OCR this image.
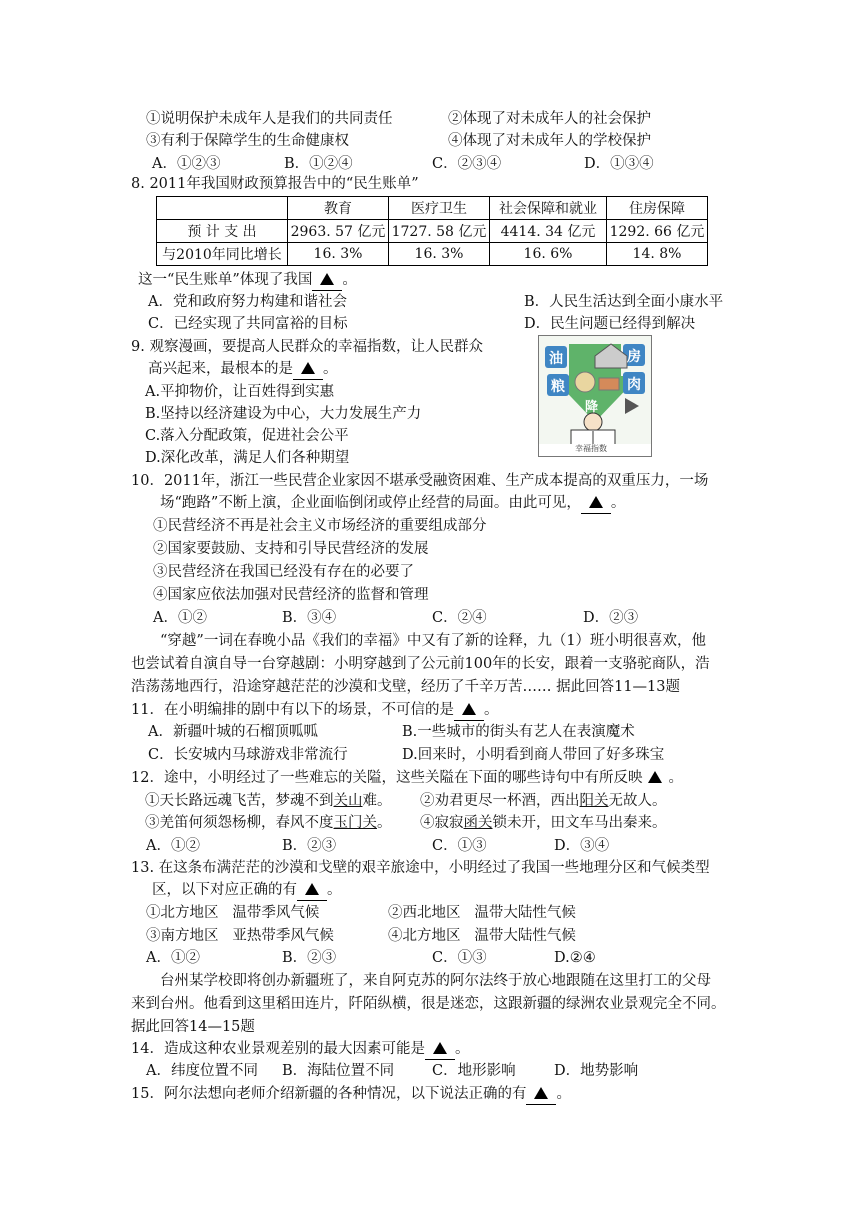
①说明保护未成年人是我们的共同责任	②体现了对未成年人的社会保护
③有利于保障学生的生命健康权	④体现了对未成年人的学校保护
A．①②③	B．①②④	C．②③④	D．①③④
8. 2011年我国财政预算报告中的“民生账单”
	教育	医疗卫生	社会保障和就业	住房保障
预 计 支 出	2963. 57 亿元	1727. 58 亿元	4414. 34 亿元	1292. 66 亿元
与2010年同比增长	16. 3%	16. 3%	16. 6%	14. 8%
这一“民生账单”体现了我国 。
A．党和政府努力构建和谐社会	B．人民生活达到全面小康水平
C．已经实现了共同富裕的目标	D．民生问题已经得到解决
9. 观察漫画，要提高人民群众的幸福指数，让人民群众
高兴起来，最根本的是 。
A.平抑物价，让百姓得到实惠
B.坚持以经济建设为中心，大力发展生产力
C.落入分配政策，促进社会公平
D.深化改革，满足人们各种期望
油
粮
房
肉
降
幸福指数
10．2011年，浙江一些民营企业家因不堪承受融资困难、生产成本提高的双重压力，一场
场“跑路”不断上演，企业面临倒闭或停止经营的局面。由此可见， 。
①民营经济不再是社会主义市场经济的重要组成部分
②国家要鼓励、支持和引导民营经济的发展
③民营经济在我国已经没有存在的必要了
④国家应依法加强对民营经济的监督和管理
A．①②	B．③④	C．②④	D．②③
“穿越”一词在春晚小品《我们的幸福》中又有了新的诠释，九（1）班小明很喜欢，他
也尝试着自演自导一台穿越剧：小明穿越到了公元前100年的长安，跟着一支骆驼商队，浩
浩荡荡地西行，沿途穿越茫茫的沙漠和戈壁，经历了千辛万苦…… 据此回答11—13题
11．在小明编排的剧中有以下的场景，不可信的是 。
A．新疆叶城的石榴顶呱呱	B.一些城市的街头有艺人在表演魔术
C．长安城内马球游戏非常流行	D.回来时，小明看到商人带回了好多珠宝
12．途中，小明经过了一些难忘的关隘，这些关隘在下面的哪些诗句中有所反映 。
①天长路远魂飞苦，梦魂不到关山难。 ②劝君更尽一杯酒，西出阳关无故人。
③羌笛何须怨杨柳，春风不度玉门关。 ④寂寂函关锁未开，田文车马出秦来。
A．①②	B．②③	C．①③	D．③④
13. 在这条布满茫茫的沙漠和戈壁的艰辛旅途中，小明经过了我国一些地理分区和气候类型
区，以下对应正确的有 。
①北方地区   温带季风气候	②西北地区   温带大陆性气候
③南方地区   亚热带季风气候	④北方地区   温带大陆性气候
A．①②	B．②③	C．①③	D.②④
台州某学校即将创办新疆班了，来自阿克苏的阿尔法终于放心地跟随在这里打工的父母
来到台州。他看到这里稻田连片，阡陌纵横，很是迷恋，这跟新疆的绿洲农业景观完全不同。
据此回答14—15题
14．造成这种农业景观差别的最大因素可能是 。
A．纬度位置不同 B．海陆位置不同	C．地形影响	D．地势影响
15．阿尔法想向老师介绍新疆的各种情况，以下说法正确的有 。
